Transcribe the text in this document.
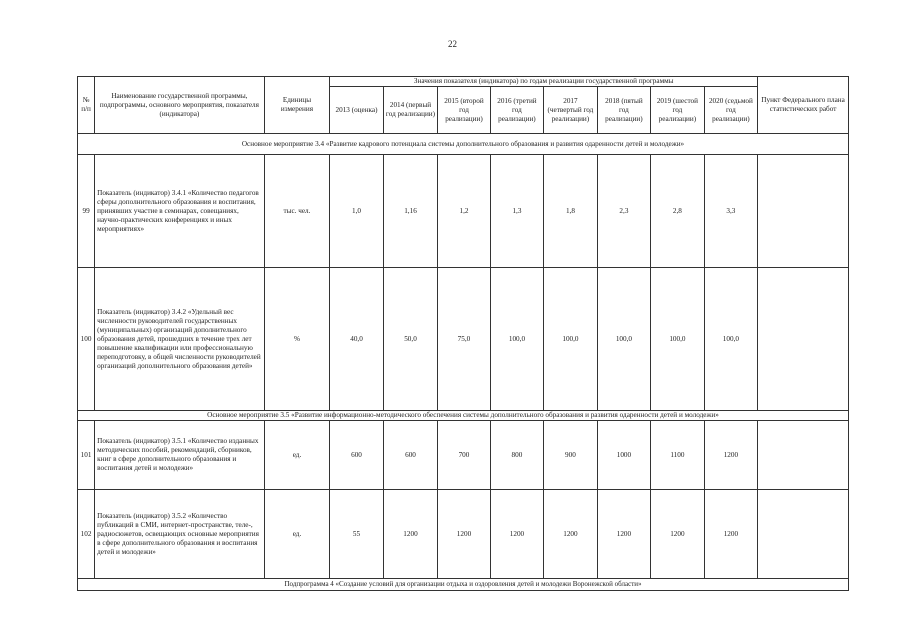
22
№ п/п	Наименование государственной программы, подпрограммы, основного мероприятия, показателя (индикатора)	Единицы измерения	Значения показателя (индикатора) по годам реализации государственной программы								Пункт Федерального плана статистических работ
			2013 (оценка)	2014 (первый год реализации)	2015 (второй год реализации)	2016 (третий год реализации)	2017 (четвертый год реализации)	2018 (пятый год реализации)	2019 (шестой год реализации)	2020 (седьмой год реализации)	
Основное мероприятие 3.4 «Развитие кадрового потенциала системы дополнительного образования и развития одаренности детей и молодежи»											
99	Показатель (индикатор) 3.4.1 «Количество педагогов сферы дополнительного образования и воспитания, принявших участие в семинарах, совещаниях, научно-практических конференциях и иных мероприятиях»	тыс. чел.	1,0	1,16	1,2	1,3	1,8	2,3	2,8	3,3	
100	Показатель (индикатор) 3.4.2 «Удельный вес численности руководителей государственных (муниципальных) организаций дополнительного образования детей, прошедших в течение трех лет повышение квалификации или профессиональную переподготовку, в общей численности руководителей организаций дополнительного образования детей»	%	40,0	50,0	75,0	100,0	100,0	100,0	100,0	100,0	
Основное мероприятие 3.5 «Развитие информационно-методического обеспечения системы дополнительного образования и развития одаренности детей и молодежи»											
101	Показатель (индикатор) 3.5.1 «Количество изданных методических пособий, рекомендаций, сборников, книг в сфере дополнительного образования и воспитания детей и молодежи»	ед.	600	600	700	800	900	1000	1100	1200	
102	Показатель (индикатор) 3.5.2 «Количество публикаций в СМИ, интернет-пространстве, теле-, радиосюжетов, освещающих основные мероприятия в сфере дополнительного образования и воспитания детей и молодежи»	ед.	55	1200	1200	1200	1200	1200	1200	1200	
Подпрограмма 4 «Создание условий для организации отдыха и оздоровления детей и молодежи Воронежской области»											
